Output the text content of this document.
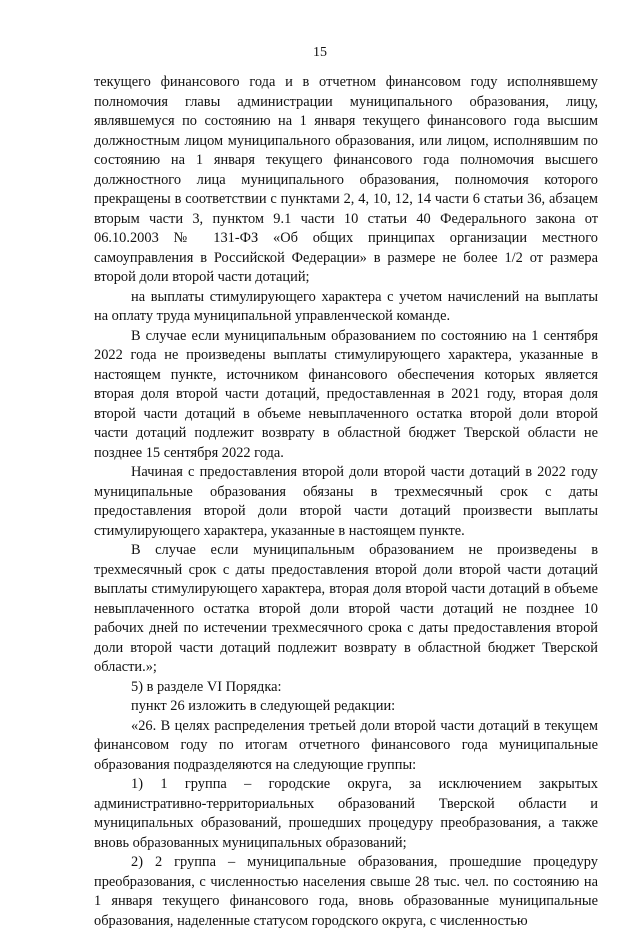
15

текущего финансового года и в отчетном финансовом году исполнявшему полномочия главы администрации муниципального образования, лицу, являвшемуся по состоянию на 1 января текущего финансового года высшим должностным лицом муниципального образования, или лицом, исполнявшим по состоянию на 1 января текущего финансового года полномочия высшего должностного лица муниципального образования, полномочия которого прекращены в соответствии с пунктами 2, 4, 10, 12, 14 части 6 статьи 36, абзацем вторым части 3, пунктом 9.1 части 10 статьи 40 Федерального закона от 06.10.2003 № 131-ФЗ «Об общих принципах организации местного самоуправления в Российской Федерации» в размере не более 1/2 от размера второй доли второй части дотаций;

на выплаты стимулирующего характера с учетом начислений на выплаты на оплату труда муниципальной управленческой команде.

В случае если муниципальным образованием по состоянию на 1 сентября 2022 года не произведены выплаты стимулирующего характера, указанные в настоящем пункте, источником финансового обеспечения которых является вторая доля второй части дотаций, предоставленная в 2021 году, вторая доля второй части дотаций в объеме невыплаченного остатка второй доли второй части дотаций подлежит возврату в областной бюджет Тверской области не позднее 15 сентября 2022 года.

Начиная с предоставления второй доли второй части дотаций в 2022 году муниципальные образования обязаны в трехмесячный срок с даты предоставления второй доли второй части дотаций произвести выплаты стимулирующего характера, указанные в настоящем пункте.

В случае если муниципальным образованием не произведены в трехмесячный срок с даты предоставления второй доли второй части дотаций выплаты стимулирующего характера, вторая доля второй части дотаций в объеме невыплаченного остатка второй доли второй части дотаций не позднее 10 рабочих дней по истечении трехмесячного срока с даты предоставления второй доли второй части дотаций подлежит возврату в областной бюджет Тверской области.»;

5) в разделе VI Порядка:

пункт 26 изложить в следующей редакции:

«26. В целях распределения третьей доли второй части дотаций в текущем финансовом году по итогам отчетного финансового года муниципальные образования подразделяются на следующие группы:

1) 1 группа – городские округа, за исключением закрытых административно-территориальных образований Тверской области и муниципальных образований, прошедших процедуру преобразования, а также вновь образованных муниципальных образований;

2) 2 группа – муниципальные образования, прошедшие процедуру преобразования, с численностью населения свыше 28 тыс. чел. по состоянию на 1 января текущего финансового года, вновь образованные муниципальные образования, наделенные статусом городского округа, с численностью
